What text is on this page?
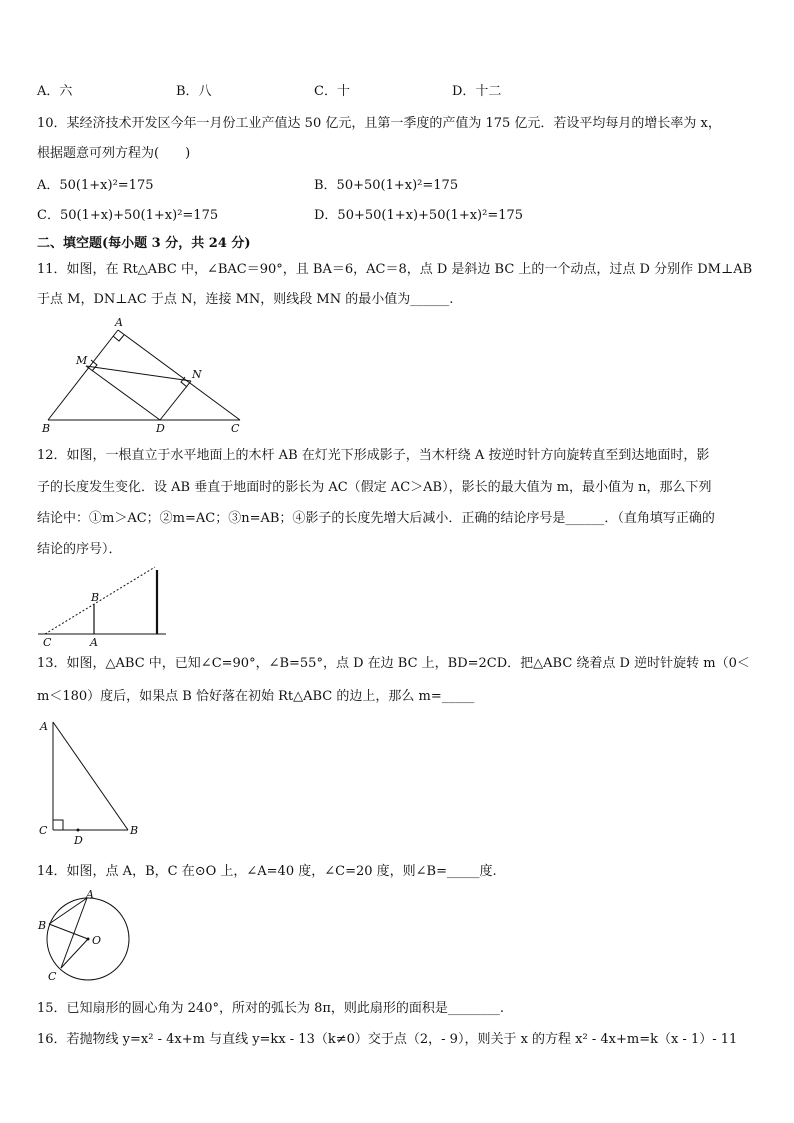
A．六	B．八	C．十	D．十二
10．某经济技术开发区今年一月份工业产值达 50 亿元，且第一季度的产值为 175 亿元．若设平均每月的增长率为 x，
根据题意可列方程为(　　)
A．50(1+x)²=175	B．50+50(1+x)²=175
C．50(1+x)+50(1+x)²=175	D．50+50(1+x)+50(1+x)²=175
二、填空题(每小题 3 分，共 24 分)
11．如图，在 Rt△ABC 中，∠BAC＝90°，且 BA＝6，AC＝8，点 D 是斜边 BC 上的一个动点，过点 D 分别作 DM⊥AB
于点 M，DN⊥AC 于点 N，连接 MN，则线段 MN 的最小值为______.
A
M
N
B	D	C
12．如图，一根直立于水平地面上的木杆 AB 在灯光下形成影子，当木杆绕 A 按逆时针方向旋转直至到达地面时，影
子的长度发生变化．设 AB 垂直于地面时的影长为 AC（假定 AC＞AB），影长的最大值为 m，最小值为 n，那么下列
结论中：①m＞AC；②m=AC；③n=AB；④影子的长度先增大后减小．正确的结论序号是______．（直角填写正确的
结论的序号）．
B
C	A
13．如图，△ABC 中，已知∠C=90°，∠B=55°，点 D 在边 BC 上，BD=2CD．把△ABC 绕着点 D 逆时针旋转 m（0＜
m＜180）度后，如果点 B 恰好落在初始 Rt△ABC 的边上，那么 m=_____
A
C
D
B
14．如图，点 A，B，C 在⊙O 上，∠A=40 度，∠C=20 度，则∠B=_____度.
A
B
O
C
15．已知扇形的圆心角为 240°，所对的弧长为 8π，则此扇形的面积是________.
16．若抛物线 y=x² - 4x+m 与直线 y=kx - 13（k≠0）交于点（2，- 9），则关于 x 的方程 x² - 4x+m=k（x - 1）- 11
